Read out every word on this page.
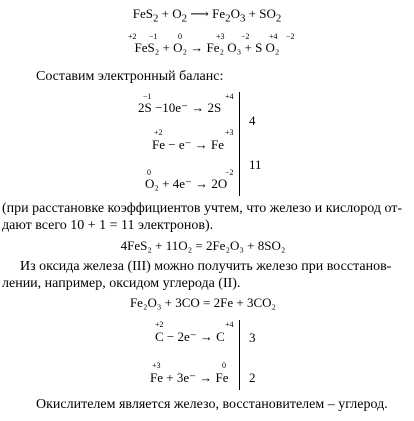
$FeS_2 + O_2$ ⟶ $Fe_2O_3 + SO_2$
+2 −1	0	+3 −2 +4 −2
FeS₂ + O₂ → Fe₂ O₃ + S O₂
Составим электронный баланс:
−1	+4
2S −10e⁻ → 2S
+2	+3
Fe − e⁻ → Fe
0	−2
O₂ + 4e⁻ → 2O
4
11
(при расстановке коэффициентов учтем, что железо и кислород от-
дают всего 10 + 1 = 11 электронов).
4FeS₂ + 11O₂ = 2Fe₂O₃ + 8SO₂
Из оксида железа (III) можно получить железо при восстанов-
лении, например, оксидом углерода (II).
Fe₂O₃ + 3CO = 2Fe + 3CO₂
+2	+4
C − 2e⁻ → C
+3	0
Fe + 3e⁻ → Fe
3
2
Окислителем является железо, восстановителем – углерод.
